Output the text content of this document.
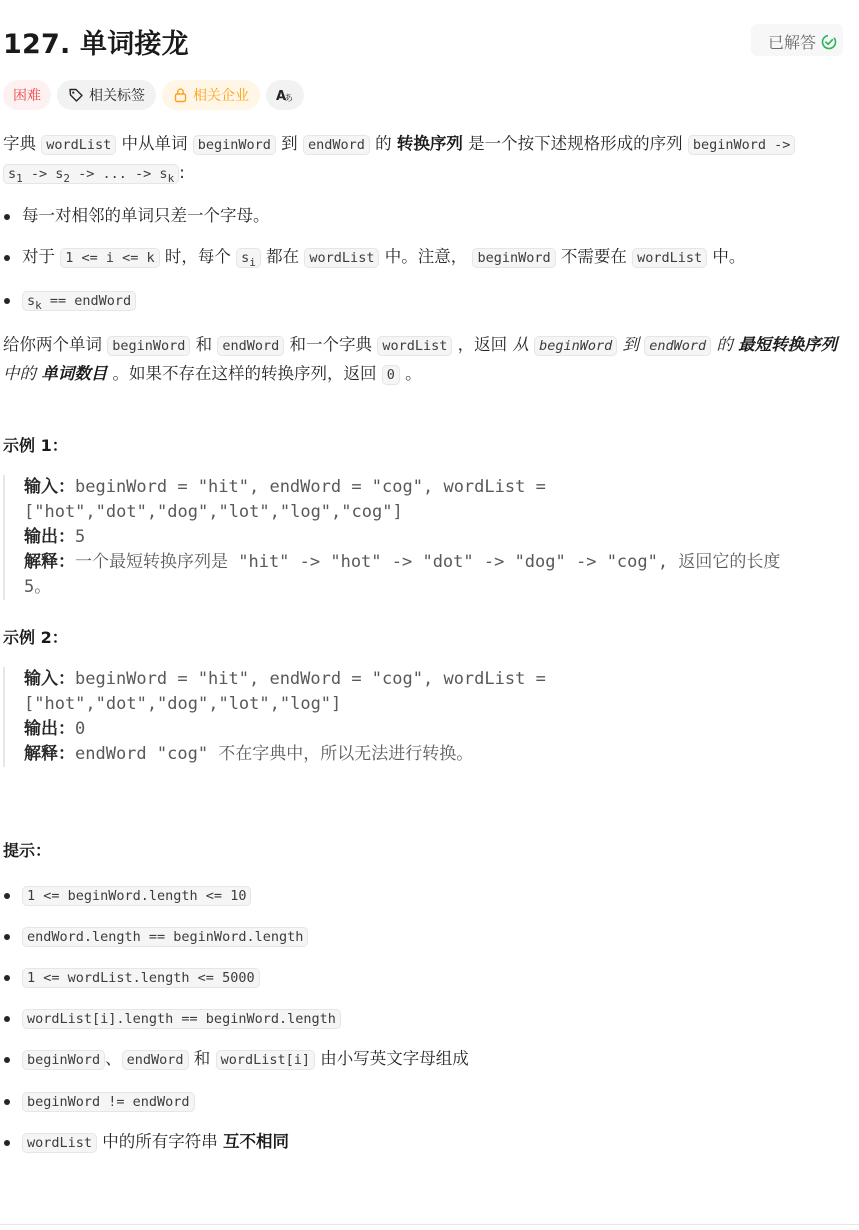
127. 单词接龙	已解答
困难	相关标签	相关企业 A
あ
字典 wordList 中从单词 beginWord 到 endWord 的 转换序列 是一个按下述规格形成的序列 beginWord ->
$s_1 -> s_2$ -> ... -> $s_k$ :
每一对相邻的单词只差一个字母。
对于 1 <= i <= k 时，每个 $s_i$ 都在 wordList 中。注意， beginWord 不需要在 wordList 中。
$s_k$ == endWord
给你两个单词 beginWord 和 endWord 和一个字典 wordList ，返回 从 beginWord 到 endWord 的 最短转换序列 中的 单词数目 。如果不存在这样的转换序列，返回 0 。
示例 1：
输入：beginWord = "hit", endWord = "cog", wordList =
["hot","dot","dog","lot","log","cog"]
输出：5
解释：一个最短转换序列是 "hit" -> "hot" -> "dot" -> "dog" -> "cog", 返回它的长度
5。
示例 2：
输入：beginWord = "hit", endWord = "cog", wordList =
["hot","dot","dog","lot","log"]
输出：0
解释：endWord "cog" 不在字典中，所以无法进行转换。
提示：
1 <= beginWord.length <= 10
endWord.length == beginWord.length
1 <= wordList.length <= 5000
wordList[i].length == beginWord.length
beginWord 、 endWord 和 wordList[i] 由小写英文字母组成
beginWord != endWord
wordList 中的所有字符串 互不相同
